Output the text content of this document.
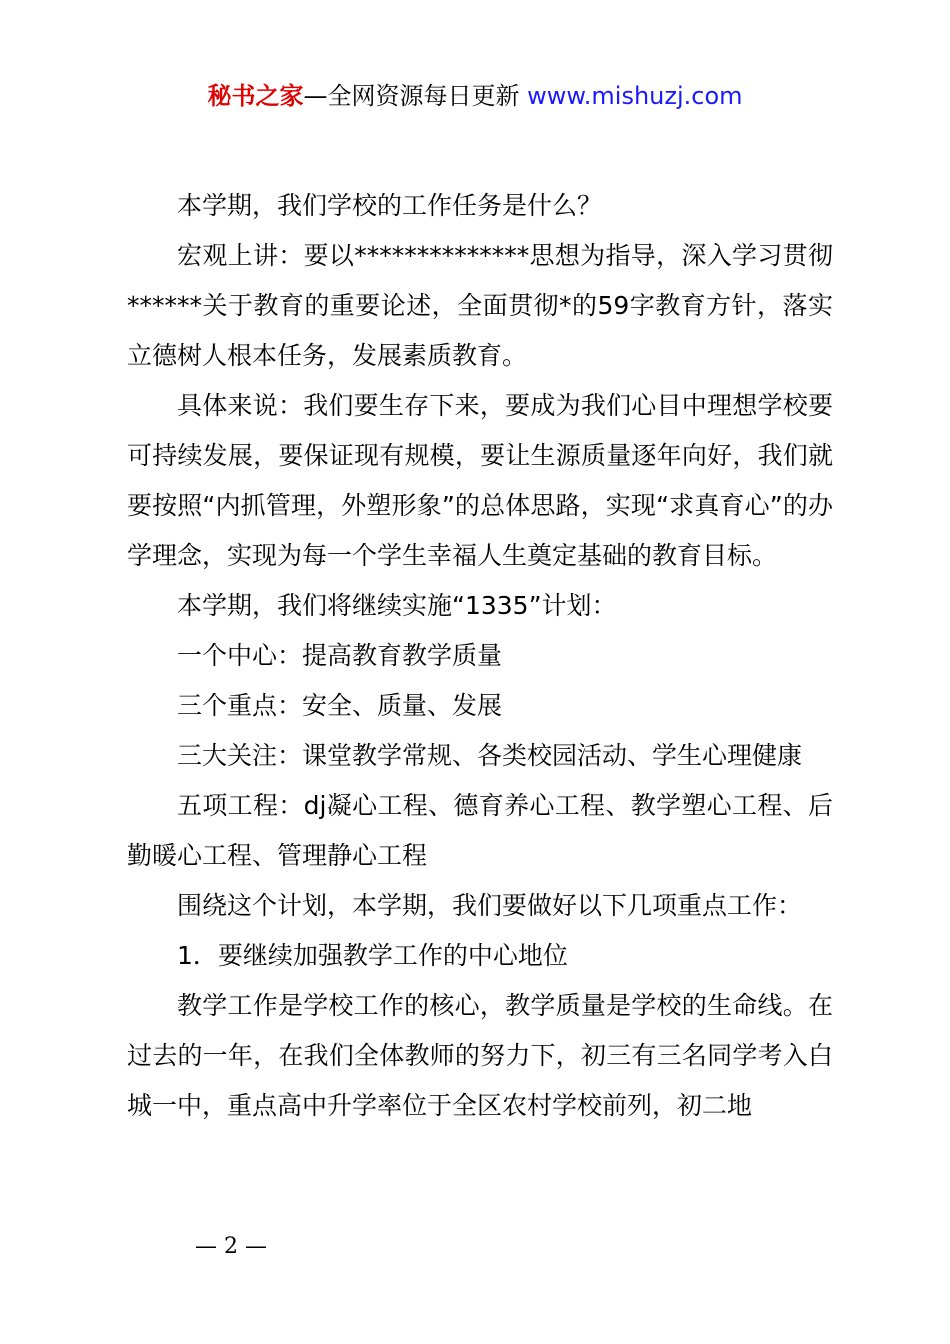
秘书之家—全网资源每日更新 www.mishuzj.com

本学期，我们学校的工作任务是什么？

宏观上讲：要以**************思想为指导，深入学习贯彻******关于教育的重要论述，全面贯彻*的59字教育方针，落实立德树人根本任务，发展素质教育。

具体来说：我们要生存下来，要成为我们心目中理想学校要可持续发展，要保证现有规模，要让生源质量逐年向好，我们就要按照“内抓管理，外塑形象”的总体思路，实现“求真育心”的办学理念，实现为每一个学生幸福人生奠定基础的教育目标。

本学期，我们将继续实施“1335”计划：

一个中心：提高教育教学质量

三个重点：安全、质量、发展

三大关注：课堂教学常规、各类校园活动、学生心理健康

五项工程：dj凝心工程、德育养心工程、教学塑心工程、后勤暖心工程、管理静心工程

围绕这个计划，本学期，我们要做好以下几项重点工作：

1．要继续加强教学工作的中心地位

教学工作是学校工作的核心，教学质量是学校的生命线。在过去的一年，在我们全体教师的努力下，初三有三名同学考入白城一中，重点高中升学率位于全区农村学校前列，初二地

— 2 —
